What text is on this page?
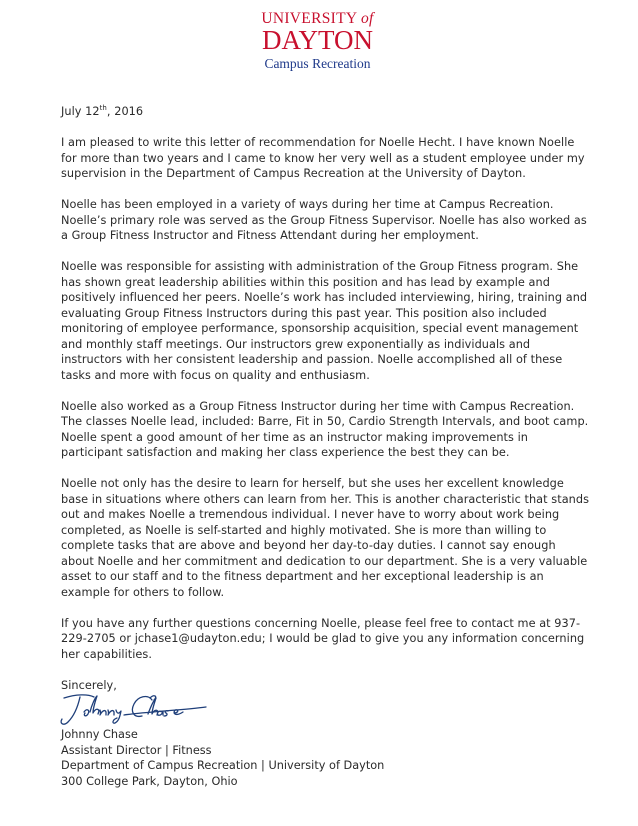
UNIVERSITY of
DAYTON
Campus Recreation

July 12th, 2016

I am pleased to write this letter of recommendation for Noelle Hecht. I have known Noelle for more than two years and I came to know her very well as a student employee under my supervision in the Department of Campus Recreation at the University of Dayton.

Noelle has been employed in a variety of ways during her time at Campus Recreation. Noelle’s primary role was served as the Group Fitness Supervisor. Noelle has also worked as a Group Fitness Instructor and Fitness Attendant during her employment.

Noelle was responsible for assisting with administration of the Group Fitness program. She has shown great leadership abilities within this position and has lead by example and positively influenced her peers. Noelle’s work has included interviewing, hiring, training and evaluating Group Fitness Instructors during this past year. This position also included monitoring of employee performance, sponsorship acquisition, special event management and monthly staff meetings. Our instructors grew exponentially as individuals and instructors with her consistent leadership and passion. Noelle accomplished all of these tasks and more with focus on quality and enthusiasm.

Noelle also worked as a Group Fitness Instructor during her time with Campus Recreation. The classes Noelle lead, included: Barre, Fit in 50, Cardio Strength Intervals, and boot camp. Noelle spent a good amount of her time as an instructor making improvements in participant satisfaction and making her class experience the best they can be.

Noelle not only has the desire to learn for herself, but she uses her excellent knowledge base in situations where others can learn from her. This is another characteristic that stands out and makes Noelle a tremendous individual. I never have to worry about work being completed, as Noelle is self-started and highly motivated. She is more than willing to complete tasks that are above and beyond her day-to-day duties. I cannot say enough about Noelle and her commitment and dedication to our department. She is a very valuable asset to our staff and to the fitness department and her exceptional leadership is an example for others to follow.

If you have any further questions concerning Noelle, please feel free to contact me at 937-229-2705 or jchase1@udayton.edu; I would be glad to give you any information concerning her capabilities.

Sincerely,

Johnny Chase
Assistant Director | Fitness
Department of Campus Recreation | University of Dayton
300 College Park, Dayton, Ohio
